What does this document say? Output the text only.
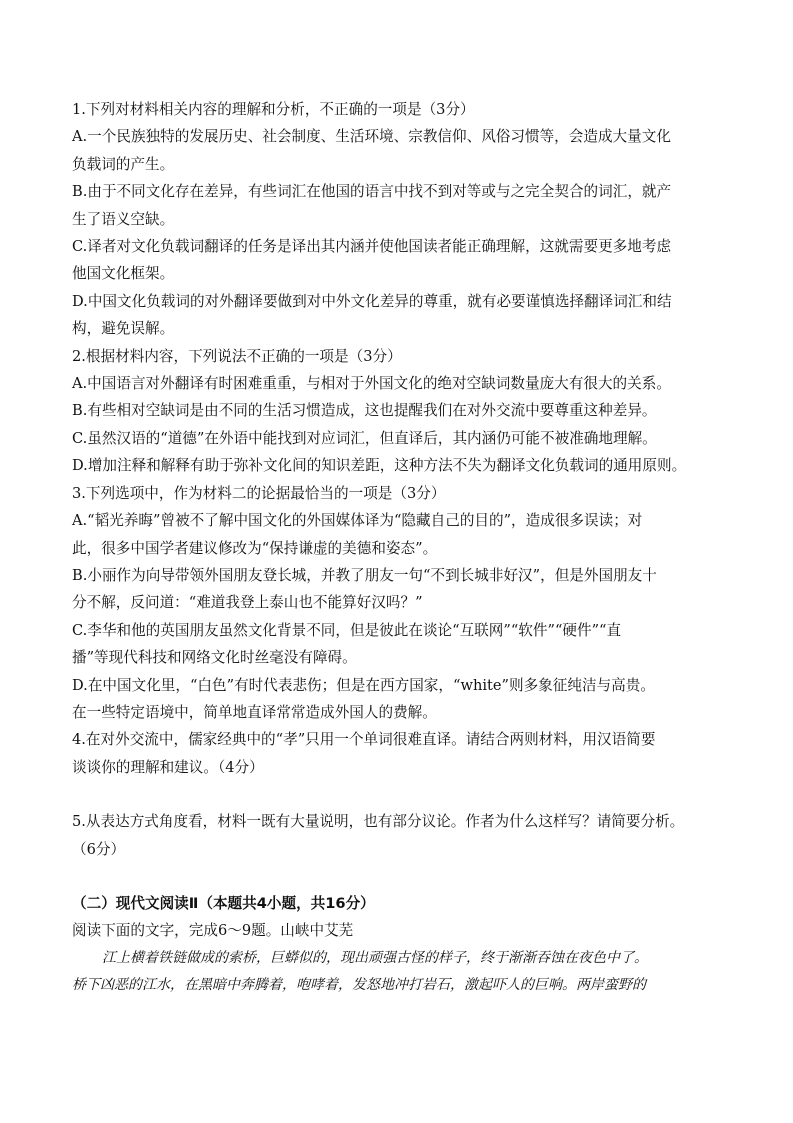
1.下列对材料相关内容的理解和分析，不正确的一项是（3分）
A.一个民族独特的发展历史、社会制度、生活环境、宗教信仰、风俗习惯等，会造成大量文化
负载词的产生。
B.由于不同文化存在差异，有些词汇在他国的语言中找不到对等或与之完全契合的词汇，就产
生了语义空缺。
C.译者对文化负载词翻译的任务是译出其内涵并使他国读者能正确理解，这就需要更多地考虑
他国文化框架。
D.中国文化负载词的对外翻译要做到对中外文化差异的尊重，就有必要谨慎选择翻译词汇和结
构，避免误解。
2.根据材料内容，下列说法不正确的一项是（3分）
A.中国语言对外翻译有时困难重重，与相对于外国文化的绝对空缺词数量庞大有很大的关系。
B.有些相对空缺词是由不同的生活习惯造成，这也提醒我们在对外交流中要尊重这种差异。
C.虽然汉语的“道德”在外语中能找到对应词汇，但直译后，其内涵仍可能不被准确地理解。
D.增加注释和解释有助于弥补文化间的知识差距，这种方法不失为翻译文化负载词的通用原则。
3.下列选项中，作为材料二的论据最恰当的一项是（3分）
A.“韬光养晦”曾被不了解中国文化的外国媒体译为“隐藏自己的目的”，造成很多误读；对
此，很多中国学者建议修改为“保持谦虚的美德和姿态”。
B.小丽作为向导带领外国朋友登长城，并教了朋友一句“不到长城非好汉”，但是外国朋友十
分不解，反问道：“难道我登上泰山也不能算好汉吗？”
C.李华和他的英国朋友虽然文化背景不同，但是彼此在谈论“互联网”“软件”“硬件”“直
播”等现代科技和网络文化时丝毫没有障碍。
D.在中国文化里，“白色”有时代表悲伤；但是在西方国家，“white”则多象征纯洁与高贵。
在一些特定语境中，简单地直译常常造成外国人的费解。
4.在对外交流中，儒家经典中的“孝”只用一个单词很难直译。请结合两则材料，用汉语简要
谈谈你的理解和建议。（4分）
5.从表达方式角度看，材料一既有大量说明，也有部分议论。作者为什么这样写？请简要分析。
（6分）
（二）现代文阅读Ⅱ（本题共4小题，共16分）
阅读下面的文字，完成6～9题。山峡中艾芜
江上横着铁链做成的索桥，巨蟒似的，现出顽强古怪的样子，终于渐渐吞蚀在夜色中了。
桥下凶恶的江水，在黑暗中奔腾着，咆哮着，发怒地冲打岩石，激起吓人的巨响。两岸蛮野的
